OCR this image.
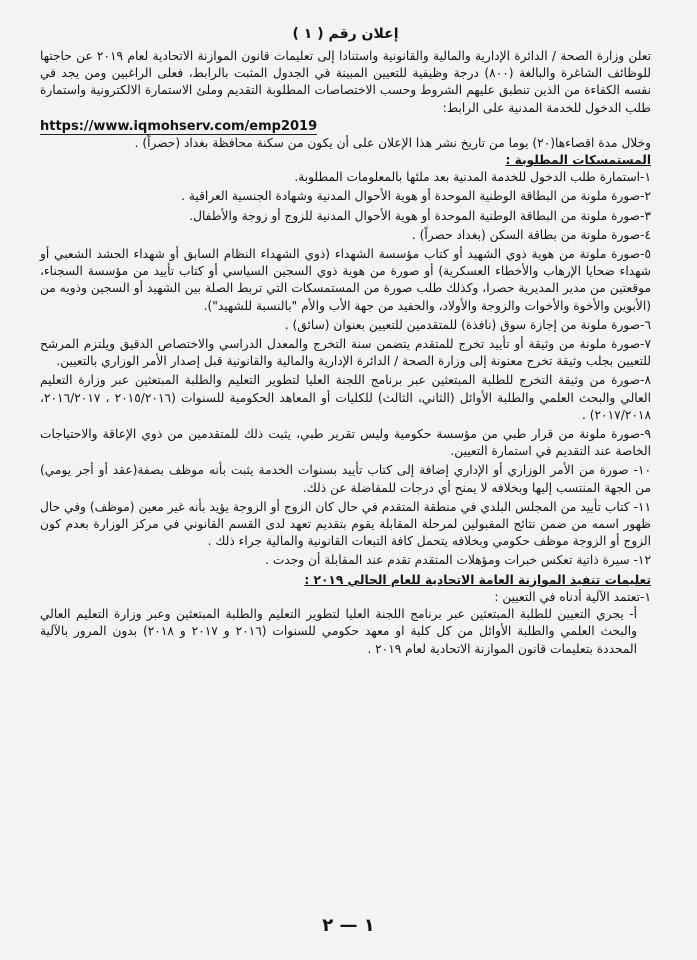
إعلان رقم ( ١ )

تعلن وزارة الصحة / الدائرة الإدارية والمالية والقانونية واستنادا إلى تعليمات قانون الموازنة الاتحادية لعام ٢٠١٩ عن حاجتها للوظائف الشاغرة والبالغة (٨٠٠) درجة وظيفية للتعيين المبينة في الجدول المثبت بالرابط، فعلى الراغبين ومن يجد في نفسه الكفاءة من الذين تنطبق عليهم الشروط وحسب الاختصاصات المطلوبة التقديم وملئ الاستمارة الالكترونية واستمارة طلب الدخول للخدمة المدنية على الرابط:

https://www.iqmohserv.com/emp2019

وخلال مدة اقصاءها(٢٠) يوما من تاريخ نشر هذا الإعلان على أن يكون من سكنة محافظة بغداد (حصراً) .

المستمسكات المطلوبة :
١-استمارة طلب الدخول للخدمة المدنية بعد ملئها بالمعلومات المطلوبة.
٢-صورة ملونة من البطاقة الوطنية الموحدة أو هوية الأحوال المدنية وشهادة الجنسية العراقية .
٣-صورة ملونة من البطاقة الوطنية الموحدة أو هوية الأحوال المدنية للزوج أو زوجة والأطفال.
٤-صورة ملونة من بطاقة السكن (بغداد حصراً) .
٥-صورة ملونة من هوية ذوي الشهيد أو كتاب مؤسسة الشهداء (ذوي الشهداء النظام السابق أو شهداء الحشد الشعبي أو شهداء ضحايا الإرهاب والأخطاء العسكرية) أو صورة من هوية ذوي السجين السياسي أو كتاب تأييد من مؤسسة السجناء، موقعتين من مدير المديرية حصرا، وكذلك طلب صورة من المستمسكات التي تربط الصلة بين الشهيد أو السجين وذويه من (الأبوين والأخوة والأخوات والزوجة والأولاد، والحفيد من جهة الأب والأم "بالنسبة للشهيد").
٦-صورة ملونة من إجازة سوق (نافذة) للمتقدمين للتعيين بعنوان (سائق) .
٧-صورة ملونة من وثيقة أو تأييد تخرج للمتقدم يتضمن سنة التخرج والمعدل الدراسي والاختصاص الدقيق ويلتزم المرشح للتعيين بجلب وثيقة تخرج معنونة إلى وزارة الصحة / الدائرة الإدارية والمالية والقانونية قبل إصدار الأمر الوزاري بالتعيين.
٨-صورة من وثيقة التخرج للطلبة المبتعثين عبر برنامج اللجنة العليا لتطوير التعليم والطلبة المبتعثين عبر وزارة التعليم العالي والبحث العلمي والطلبة الأوائل (الثاني، الثالث) للكليات أو المعاهد الحكومية للسنوات (٢٠١٥/٢٠١٦ ، ٢٠١٦/٢٠١٧، ٢٠١٧/٢٠١٨) .
٩-صورة ملونة من قرار طبي من مؤسسة حكومية وليس تقرير طبي، يثبت ذلك للمتقدمين من ذوي الإعاقة والاحتياجات الخاصة عند التقديم في استمارة التعيين.
١٠- صورة من الأمر الوزاري أو الإداري إضافة إلى كتاب تأييد بسنوات الخدمة يثبت بأنه موظف بصفة(عقد أو أجر يومي) من الجهة المنتسب إليها وبخلافه لا يمنح أي درجات للمفاضلة عن ذلك.
١١- كتاب تأييد من المجلس البلدي في منطقة المتقدم في حال كان الزوج أو الزوجة يؤيد بأنه غير معين (موظف) وفي حال ظهور اسمه من ضمن نتائج المقبولين لمرحلة المقابلة يقوم بتقديم تعهد لدى القسم القانوني في مركز الوزارة بعدم كون الزوج أو الزوجة موظف حكومي وبخلافه يتحمل كافة التبعات القانونية والمالية جراء ذلك .
١٢- سيرة ذاتية تعكس خبرات ومؤهلات المتقدم تقدم عند المقابلة أن وجدت .
تعليمات تنفيذ الموازنة العامة الاتحادية للعام الحالي ٢٠١٩ :
١-تعتمد الآلية أدناه في التعيين :

أ- يجري التعيين للطلبة المبتعثين عبر برنامج اللجنة العليا لتطوير التعليم والطلبة المبتعثين وعبر وزارة التعليم العالي والبحث العلمي والطلبة الأوائل من كل كلية او معهد حكومي للسنوات (٢٠١٦ و ٢٠١٧ و ٢٠١٨) بدون المرور بالآلية المحددة بتعليمات قانون الموازنة الاتحادية لعام ٢٠١٩ .

١ — ٢
